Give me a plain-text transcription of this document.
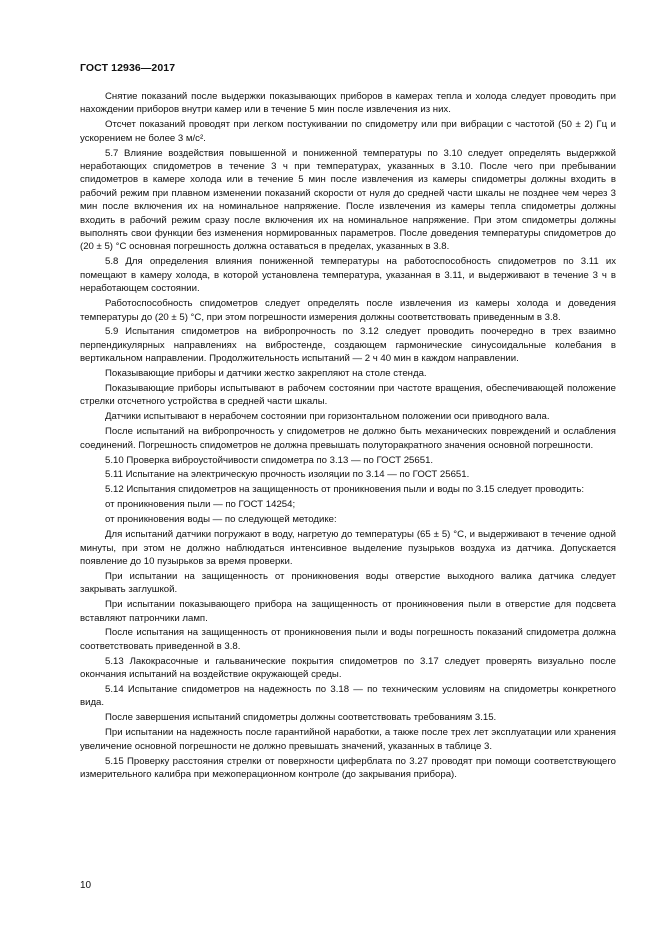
ГОСТ 12936—2017

Снятие показаний после выдержки показывающих приборов в камерах тепла и холода следует проводить при нахождении приборов внутри камер или в течение 5 мин после извлечения из них.

Отсчет показаний проводят при легком постукивании по спидометру или при вибрации с частотой (50 ± 2) Гц и ускорением не более 3 м/с².

5.7 Влияние воздействия повышенной и пониженной температуры по 3.10 следует определять выдержкой неработающих спидометров в течение 3 ч при температурах, указанных в 3.10. После чего при пребывании спидометров в камере холода или в течение 5 мин после извлечения из камеры спидометры должны входить в рабочий режим при плавном изменении показаний скорости от нуля до средней части шкалы не позднее чем через 3 мин после включения их на номинальное напряжение. После извлечения из камеры тепла спидометры должны входить в рабочий режим сразу после включения их на номинальное напряжение. При этом спидометры должны выполнять свои функции без изменения нормированных параметров. После доведения температуры спидометров до (20 ± 5) °С основная погрешность должна оставаться в пределах, указанных в 3.8.

5.8 Для определения влияния пониженной температуры на работоспособность спидометров по 3.11 их помещают в камеру холода, в которой установлена температура, указанная в 3.11, и выдерживают в течение 3 ч в неработающем состоянии.

Работоспособность спидометров следует определять после извлечения из камеры холода и доведения температуры до (20 ± 5) °С, при этом погрешности измерения должны соответствовать приведенным в 3.8.

5.9 Испытания спидометров на вибропрочность по 3.12 следует проводить поочередно в трех взаимно перпендикулярных направлениях на вибростенде, создающем гармонические синусоидальные колебания в вертикальном направлении. Продолжительность испытаний — 2 ч 40 мин в каждом направлении.

Показывающие приборы и датчики жестко закрепляют на столе стенда.

Показывающие приборы испытывают в рабочем состоянии при частоте вращения, обеспечивающей положение стрелки отсчетного устройства в средней части шкалы.

Датчики испытывают в нерабочем состоянии при горизонтальном положении оси приводного вала.

После испытаний на вибропрочность у спидометров не должно быть механических повреждений и ослабления соединений. Погрешность спидометров не должна превышать полуторакратного значения основной погрешности.

5.10 Проверка виброустойчивости спидометра по 3.13 — по ГОСТ 25651.

5.11 Испытание на электрическую прочность изоляции по 3.14 — по ГОСТ 25651.

5.12 Испытания спидометров на защищенность от проникновения пыли и воды по 3.15 следует проводить:

от проникновения пыли — по ГОСТ 14254;

от проникновения воды — по следующей методике:

Для испытаний датчики погружают в воду, нагретую до температуры (65 ± 5) °С, и выдерживают в течение одной минуты, при этом не должно наблюдаться интенсивное выделение пузырьков воздуха из датчика. Допускается появление до 10 пузырьков за время проверки.

При испытании на защищенность от проникновения воды отверстие выходного валика датчика следует закрывать заглушкой.

При испытании показывающего прибора на защищенность от проникновения пыли в отверстие для подсвета вставляют патрончики ламп.

После испытания на защищенность от проникновения пыли и воды погрешность показаний спидометра должна соответствовать приведенной в 3.8.

5.13 Лакокрасочные и гальванические покрытия спидометров по 3.17 следует проверять визуально после окончания испытаний на воздействие окружающей среды.

5.14 Испытание спидометров на надежность по 3.18 — по техническим условиям на спидометры конкретного вида.

После завершения испытаний спидометры должны соответствовать требованиям 3.15.

При испытании на надежность после гарантийной наработки, а также после трех лет эксплуатации или хранения увеличение основной погрешности не должно превышать значений, указанных в таблице 3.

5.15 Проверку расстояния стрелки от поверхности циферблата по 3.27 проводят при помощи соответствующего измерительного калибра при межоперационном контроле (до закрывания прибора).

10
